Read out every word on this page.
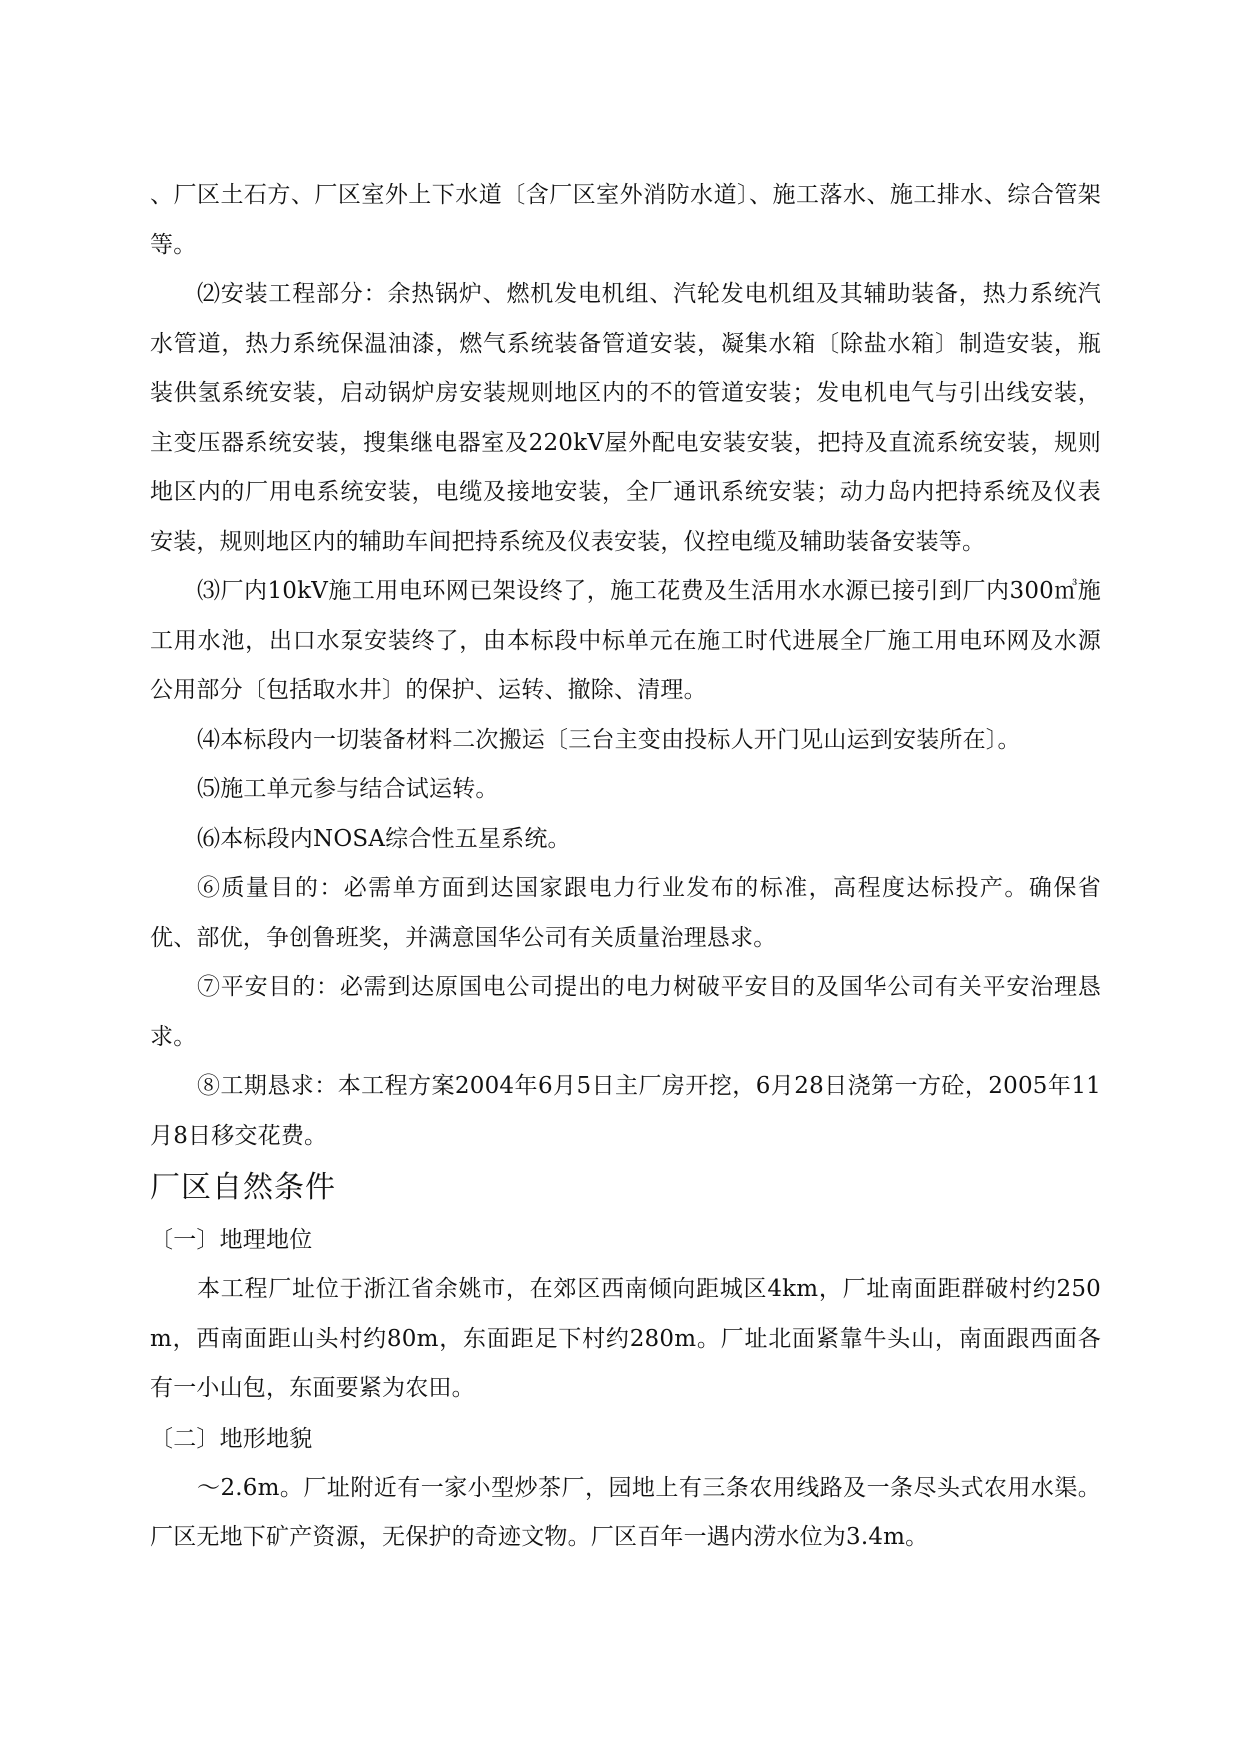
、厂区土石方、厂区室外上下水道〔含厂区室外消防水道〕、施工落水、施工排水、综合管架等。

⑵安装工程部分：余热锅炉、燃机发电机组、汽轮发电机组及其辅助装备，热力系统汽水管道，热力系统保温油漆，燃气系统装备管道安装，凝集水箱〔除盐水箱〕制造安装，瓶装供氢系统安装，启动锅炉房安装规则地区内的不的管道安装；发电机电气与引出线安装，主变压器系统安装，搜集继电器室及220kV屋外配电安装安装，把持及直流系统安装，规则地区内的厂用电系统安装，电缆及接地安装，全厂通讯系统安装；动力岛内把持系统及仪表安装，规则地区内的辅助车间把持系统及仪表安装，仪控电缆及辅助装备安装等。

⑶厂内10kV施工用电环网已架设终了，施工花费及生活用水水源已接引到厂内300㎥施工用水池，出口水泵安装终了，由本标段中标单元在施工时代进展全厂施工用电环网及水源公用部分〔包括取水井〕的保护、运转、撤除、清理。

⑷本标段内一切装备材料二次搬运〔三台主变由投标人开门见山运到安装所在〕。

⑸施工单元参与结合试运转。

⑹本标段内NOSA综合性五星系统。

⑥质量目的：必需单方面到达国家跟电力行业发布的标准，高程度达标投产。确保省优、部优，争创鲁班奖，并满意国华公司有关质量治理恳求。

⑦平安目的：必需到达原国电公司提出的电力树破平安目的及国华公司有关平安治理恳求。

⑧工期恳求：本工程方案2004年6月5日主厂房开挖，6月28日浇第一方砼，2005年11月8日移交花费。

厂区自然条件

〔一〕地理地位

本工程厂址位于浙江省余姚市，在郊区西南倾向距城区4km，厂址南面距群破村约250m，西南面距山头村约80m，东面距足下村约280m。厂址北面紧靠牛头山，南面跟西面各有一小山包，东面要紧为农田。

〔二〕地形地貌

～2.6m。厂址附近有一家小型炒茶厂，园地上有三条农用线路及一条尽头式农用水渠。厂区无地下矿产资源，无保护的奇迹文物。厂区百年一遇内涝水位为3.4m。
